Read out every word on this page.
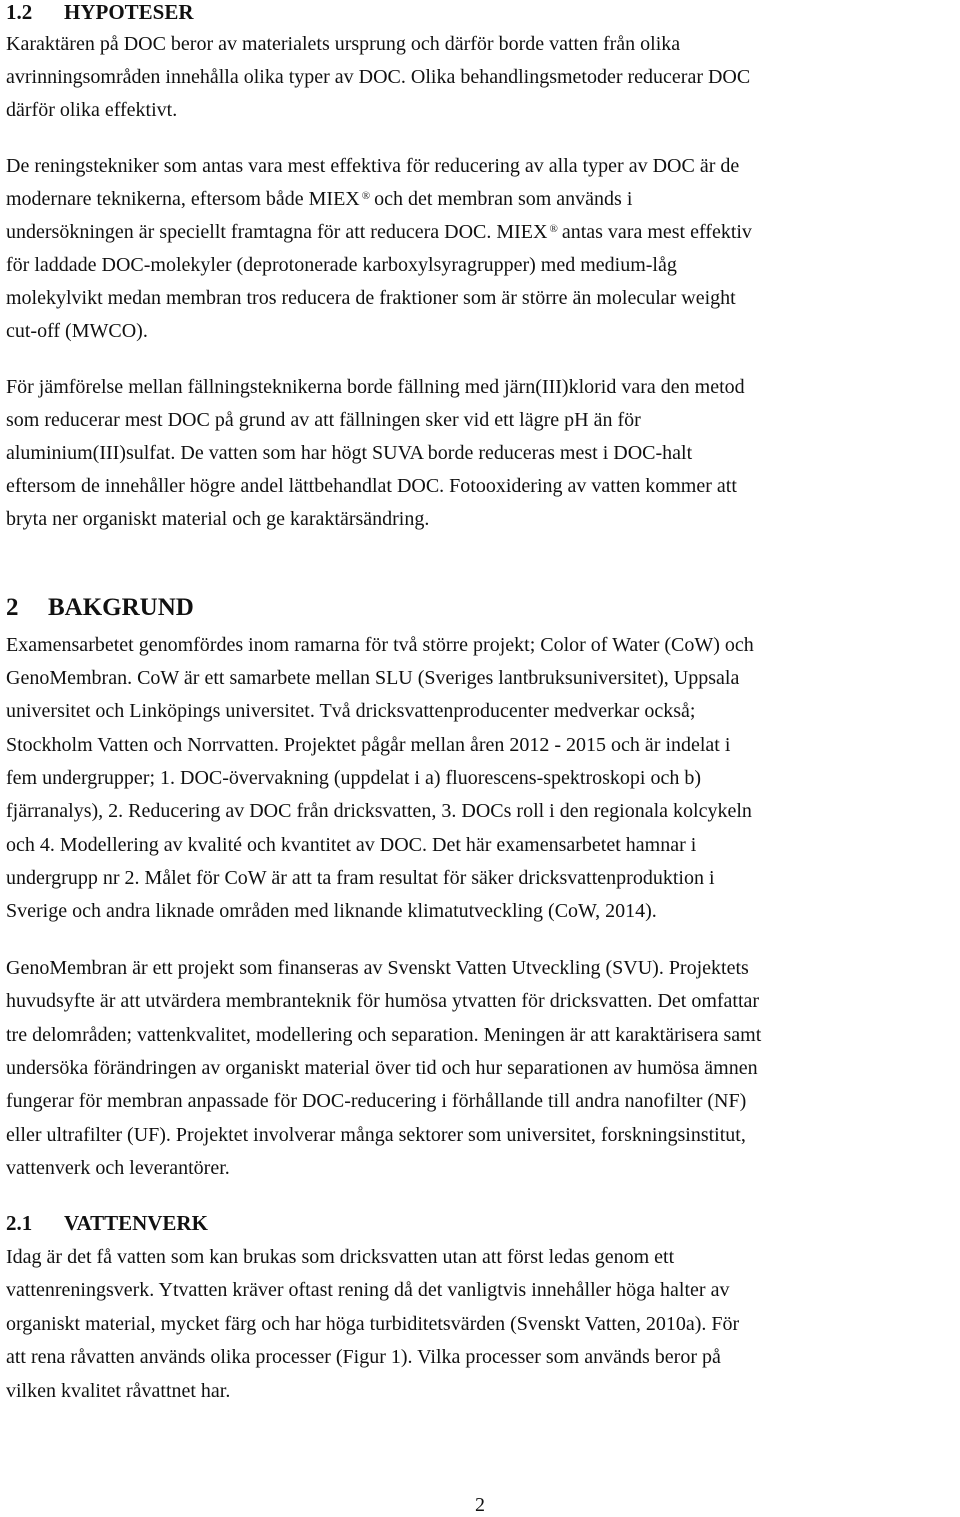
1.2 HYPOTESER
Karaktären på DOC beror av materialets ursprung och därför borde vatten från olika
avrinningsområden innehålla olika typer av DOC. Olika behandlingsmetoder reducerar DOC
därför olika effektivt.
De reningstekniker som antas vara mest effektiva för reducering av alla typer av DOC är de
modernare teknikerna, eftersom både MIEX ® och det membran som används i
undersökningen är speciellt framtagna för att reducera DOC. MIEX ® antas vara mest effektiv
för laddade DOC-molekyler (deprotonerade karboxylsyragrupper) med medium-låg
molekylvikt medan membran tros reducera de fraktioner som är större än molecular weight
cut-off (MWCO).
För jämförelse mellan fällningsteknikerna borde fällning med järn(III)klorid vara den metod
som reducerar mest DOC på grund av att fällningen sker vid ett lägre pH än för
aluminium(III)sulfat. De vatten som har högt SUVA borde reduceras mest i DOC-halt
eftersom de innehåller högre andel lättbehandlat DOC. Fotooxidering av vatten kommer att
bryta ner organiskt material och ge karaktärsändring.
2 BAKGRUND
Examensarbetet genomfördes inom ramarna för två större projekt; Color of Water (CoW) och
GenoMembran. CoW är ett samarbete mellan SLU (Sveriges lantbruksuniversitet), Uppsala
universitet och Linköpings universitet. Två dricksvattenproducenter medverkar också;
Stockholm Vatten och Norrvatten. Projektet pågår mellan åren 2012 - 2015 och är indelat i
fem undergrupper; 1. DOC-övervakning (uppdelat i a) fluorescens-spektroskopi och b)
fjärranalys), 2. Reducering av DOC från dricksvatten, 3. DOCs roll i den regionala kolcykeln
och 4. Modellering av kvalité och kvantitet av DOC. Det här examensarbetet hamnar i
undergrupp nr 2. Målet för CoW är att ta fram resultat för säker dricksvattenproduktion i
Sverige och andra liknade områden med liknande klimatutveckling (CoW, 2014).
GenoMembran är ett projekt som finanseras av Svenskt Vatten Utveckling (SVU). Projektets
huvudsyfte är att utvärdera membranteknik för humösa ytvatten för dricksvatten. Det omfattar
tre delområden; vattenkvalitet, modellering och separation. Meningen är att karaktärisera samt
undersöka förändringen av organiskt material över tid och hur separationen av humösa ämnen
fungerar för membran anpassade för DOC-reducering i förhållande till andra nanofilter (NF)
eller ultrafilter (UF). Projektet involverar många sektorer som universitet, forskningsinstitut,
vattenverk och leverantörer.
2.1 VATTENVERK
Idag är det få vatten som kan brukas som dricksvatten utan att först ledas genom ett
vattenreningsverk. Ytvatten kräver oftast rening då det vanligtvis innehåller höga halter av
organiskt material, mycket färg och har höga turbiditetsvärden (Svenskt Vatten, 2010a). För
att rena råvatten används olika processer (Figur 1). Vilka processer som används beror på
vilken kvalitet råvattnet har.
2
